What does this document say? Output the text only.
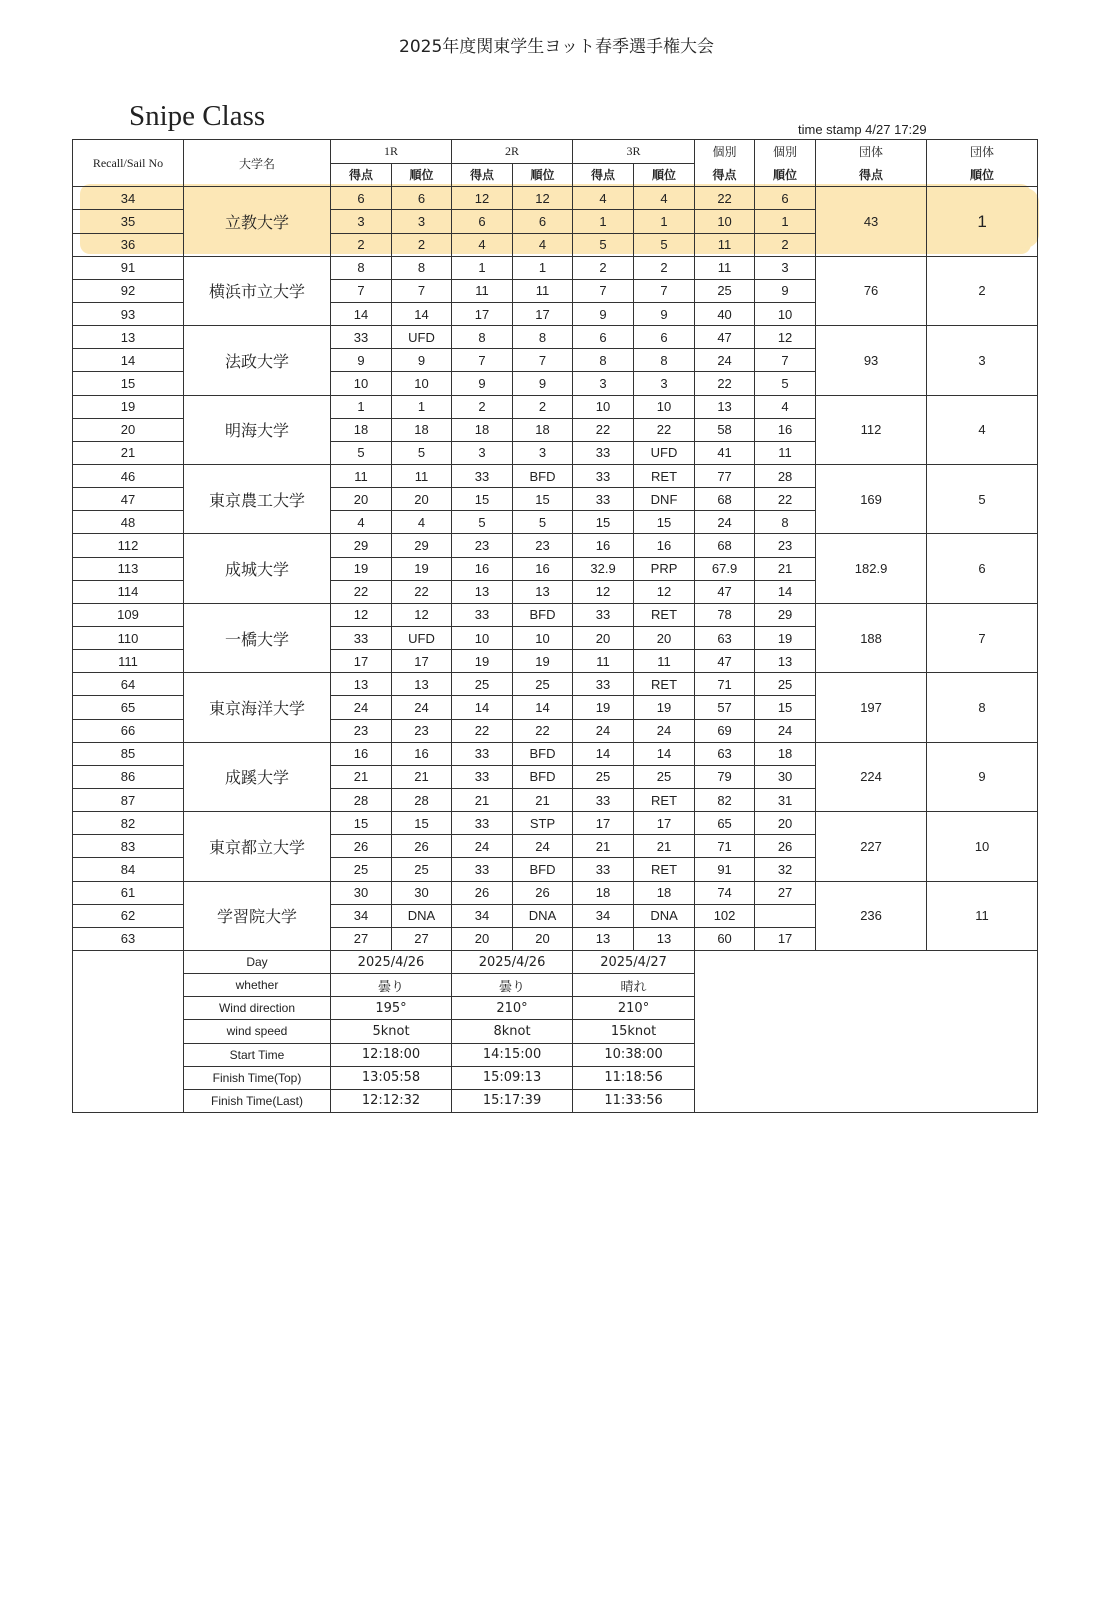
2025年度関東学生ヨット春季選手権大会
Snipe Class	time stamp 4/27 17:29
Recall/Sail No	大学名	1R		2R		3R		個別	個別	団体	団体
		得点	順位	得点	順位	得点	順位	得点	順位	得点	順位
34	立教大学	6	6	12	12	4	4	22	6	43	1
35		3	3	6	6	1	1	10	1		
36		2	2	4	4	5	5	11	2		
91	横浜市立大学	8	8	1	1	2	2	11	3	76	2
92		7	7	11	11	7	7	25	9		
93		14	14	17	17	9	9	40	10		
13	法政大学	33	UFD	8	8	6	6	47	12	93	3
14		9	9	7	7	8	8	24	7		
15		10	10	9	9	3	3	22	5		
19	明海大学	1	1	2	2	10	10	13	4	112	4
20		18	18	18	18	22	22	58	16		
21		5	5	3	3	33	UFD	41	11		
46	東京農工大学	11	11	33	BFD	33	RET	77	28	169	5
47		20	20	15	15	33	DNF	68	22		
48		4	4	5	5	15	15	24	8		
112	成城大学	29	29	23	23	16	16	68	23	182.9	6
113		19	19	16	16	32.9	PRP	67.9	21		
114		22	22	13	13	12	12	47	14		
109	一橋大学	12	12	33	BFD	33	RET	78	29	188	7
110		33	UFD	10	10	20	20	63	19		
111		17	17	19	19	11	11	47	13		
64	東京海洋大学	13	13	25	25	33	RET	71	25	197	8
65		24	24	14	14	19	19	57	15		
66		23	23	22	22	24	24	69	24		
85	成蹊大学	16	16	33	BFD	14	14	63	18	224	9
86		21	21	33	BFD	25	25	79	30		
87		28	28	21	21	33	RET	82	31		
82	東京都立大学	15	15	33	STP	17	17	65	20	227	10
83		26	26	24	24	21	21	71	26		
84		25	25	33	BFD	33	RET	91	32		
61	学習院大学	30	30	26	26	18	18	74	27	236	11
62		34	DNA	34	DNA	34	DNA	102			
63		27	27	20	20	13	13	60	17		
	Day	2025/4/26		2025/4/26		2025/4/27					
	whether	曇り		曇り		晴れ					
	Wind direction	195°		210°		210°					
	wind speed	5knot		8knot		15knot					
	Start Time	12:18:00		14:15:00		10:38:00					
	Finish Time(Top)	13:05:58		15:09:13		11:18:56					
	Finish Time(Last)	12:12:32		15:17:39		11:33:56					
